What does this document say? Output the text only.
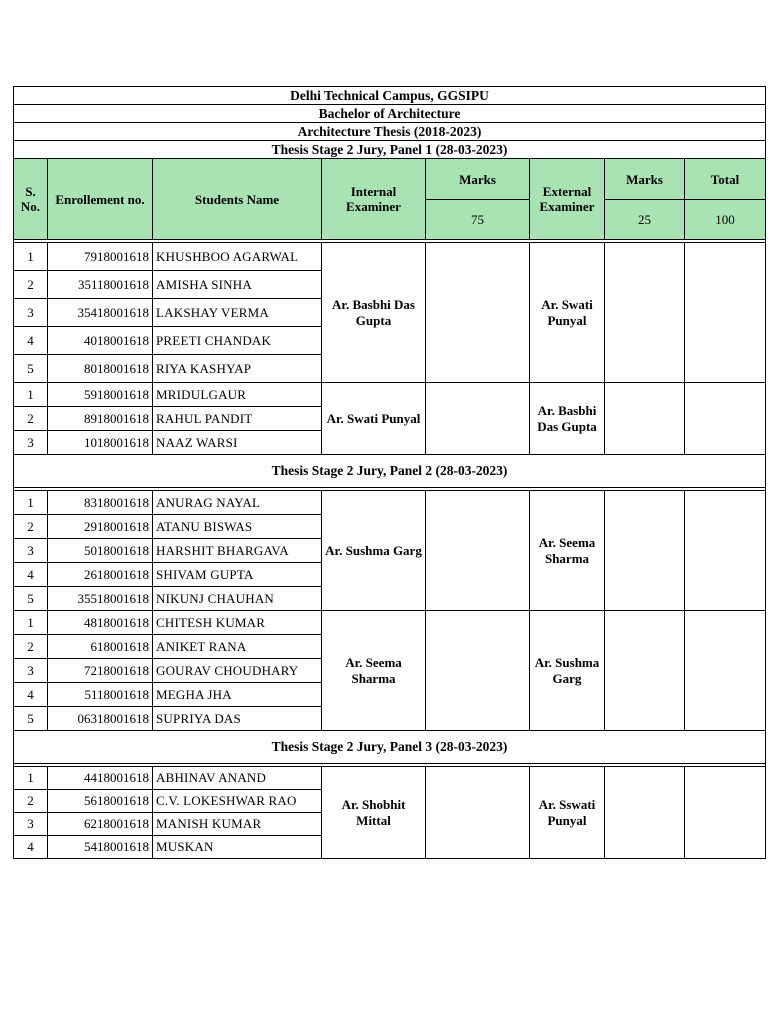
Delhi Technical Campus, GGSIPU							
Bachelor of Architecture							
Architecture Thesis (2018-2023)							
Thesis Stage 2 Jury, Panel 1 (28-03-2023)							
S. No.	Enrollement no.	Students Name	Internal Examiner	Marks	External Examiner	Marks	Total
				75		25	100

1	7918001618	KHUSHBOO AGARWAL	Ar. Basbhi Das Gupta		Ar. Swati Punyal		
2	35118001618	AMISHA SINHA					
3	35418001618	LAKSHAY VERMA					
4	4018001618	PREETI CHANDAK					
5	8018001618	RIYA KASHYAP					
1	5918001618	MRIDULGAUR	Ar. Swati Punyal		Ar. Basbhi Das Gupta		
2	8918001618	RAHUL PANDIT					
3	1018001618	NAAZ WARSI					
Thesis Stage 2 Jury, Panel 2 (28-03-2023)							

1	8318001618	ANURAG NAYAL	Ar. Sushma Garg		Ar. Seema Sharma		
2	2918001618	ATANU BISWAS					
3	5018001618	HARSHIT BHARGAVA					
4	2618001618	SHIVAM GUPTA					
5	35518001618	NIKUNJ CHAUHAN					
1	4818001618	CHITESH KUMAR	Ar. Seema Sharma		Ar. Sushma Garg		
2	618001618	ANIKET RANA					
3	7218001618	GOURAV CHOUDHARY					
4	5118001618	MEGHA JHA					
5	06318001618	SUPRIYA DAS					
Thesis Stage 2 Jury, Panel 3 (28-03-2023)							

1	4418001618	ABHINAV ANAND	Ar. Shobhit Mittal		Ar. Sswati Punyal		
2	5618001618	C.V. LOKESHWAR RAO					
3	6218001618	MANISH KUMAR					
4	5418001618	MUSKAN					
